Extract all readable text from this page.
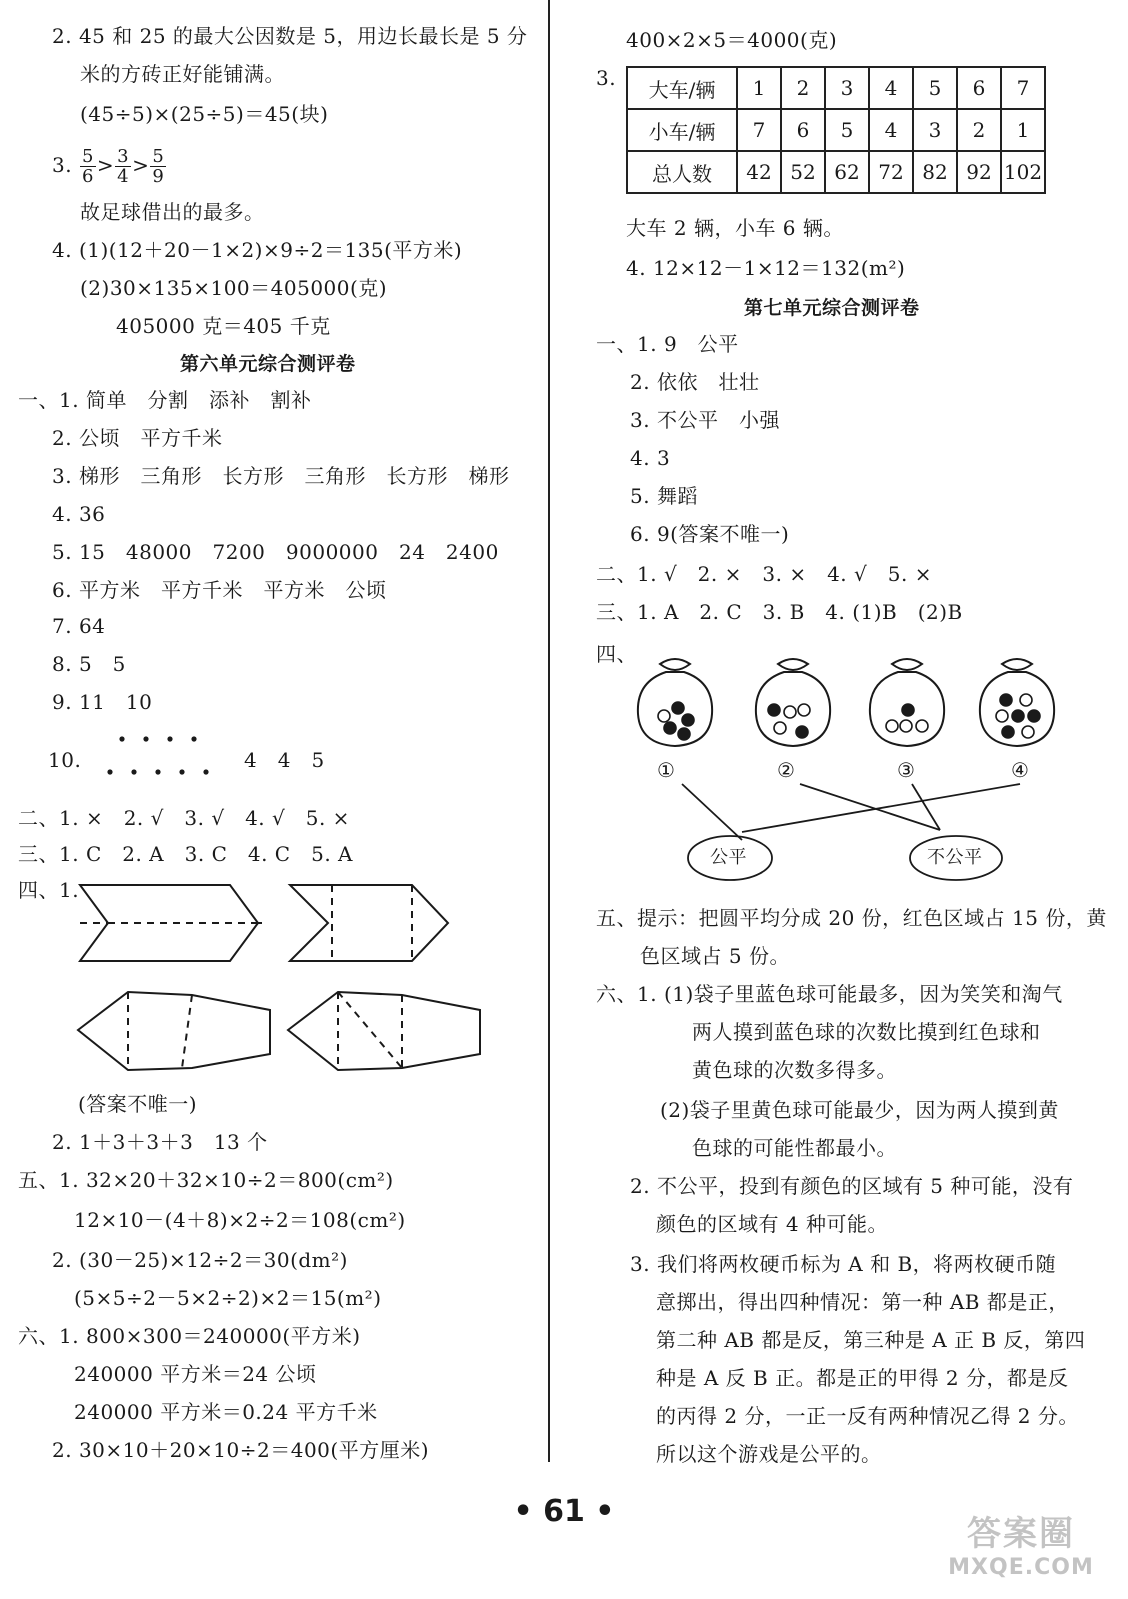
2. 45 和 25 的最大公因数是 5，用边长最长是 5 分
米的方砖正好能铺满。
(45÷5)×(25÷5)＝45(块)
3. $\frac{5}{6} > \frac{3}{4} > \frac{5}{9}$
故足球借出的最多。
4. (1)(12＋20－1×2)×9÷2＝135(平方米)
(2)30×135×100＝405000(克)
405000 克＝405 千克
第六单元综合测评卷
一、1. 简单　分割　添补　割补
2. 公顷　平方千米
3. 梯形　三角形　长方形　三角形　长方形　梯形
4. 36
5. 15　48000　7200　9000000　24　2400
6. 平方米　平方千米　平方米　公顷
7. 64
8. 5　5
9. 11　10
10.	4　4　5
二、1. ×　2. √　3. √　4. √　5. ×
三、1. C　2. A　3. C　4. C　5. A
四、1.
(答案不唯一)
2. 1＋3＋3＋3　13 个
五、1. 32×20＋32×10÷2＝800(cm²)
12×10－(4＋8)×2÷2＝108(cm²)
2. (30－25)×12÷2＝30(dm²)
(5×5÷2－5×2÷2)×2＝15(m²)
六、1. 800×300＝240000(平方米)
240000 平方米＝24 公顷
240000 平方米＝0.24 平方千米
2. 30×10＋20×10÷2＝400(平方厘米)
400×2×5＝4000(克)
3. 大车/辆	1	2	3	4	5	6	7
小车/辆	7	6	5	4	3	2	1
总人数	42	52	62	72	82	92	102
大车 2 辆，小车 6 辆。
4. 12×12－1×12＝132(m²)
第七单元综合测评卷
一、1. 9　公平
2. 依依　壮壮
3. 不公平　小强
4. 3
5. 舞蹈
6. 9(答案不唯一)
二、1. √　2. ×　3. ×　4. √　5. ×
三、1. A　2. C　3. B　4. (1)B　(2)B
四、
①	②	③	④
公平	不公平
五、提示：把圆平均分成 20 份，红色区域占 15 份，黄
色区域占 5 份。
六、1. (1)袋子里蓝色球可能最多，因为笑笑和淘气
两人摸到蓝色球的次数比摸到红色球和
黄色球的次数多得多。
(2)袋子里黄色球可能最少，因为两人摸到黄
色球的可能性都最小。
2. 不公平，投到有颜色的区域有 5 种可能，没有
颜色的区域有 4 种可能。
3. 我们将两枚硬币标为 A 和 B，将两枚硬币随
意掷出，得出四种情况：第一种 AB 都是正，
第二种 AB 都是反，第三种是 A 正 B 反，第四
种是 A 反 B 正。都是正的甲得 2 分，都是反
的丙得 2 分，一正一反有两种情况乙得 2 分。
所以这个游戏是公平的。
• 61 •
答案圈
MXQE.COM
